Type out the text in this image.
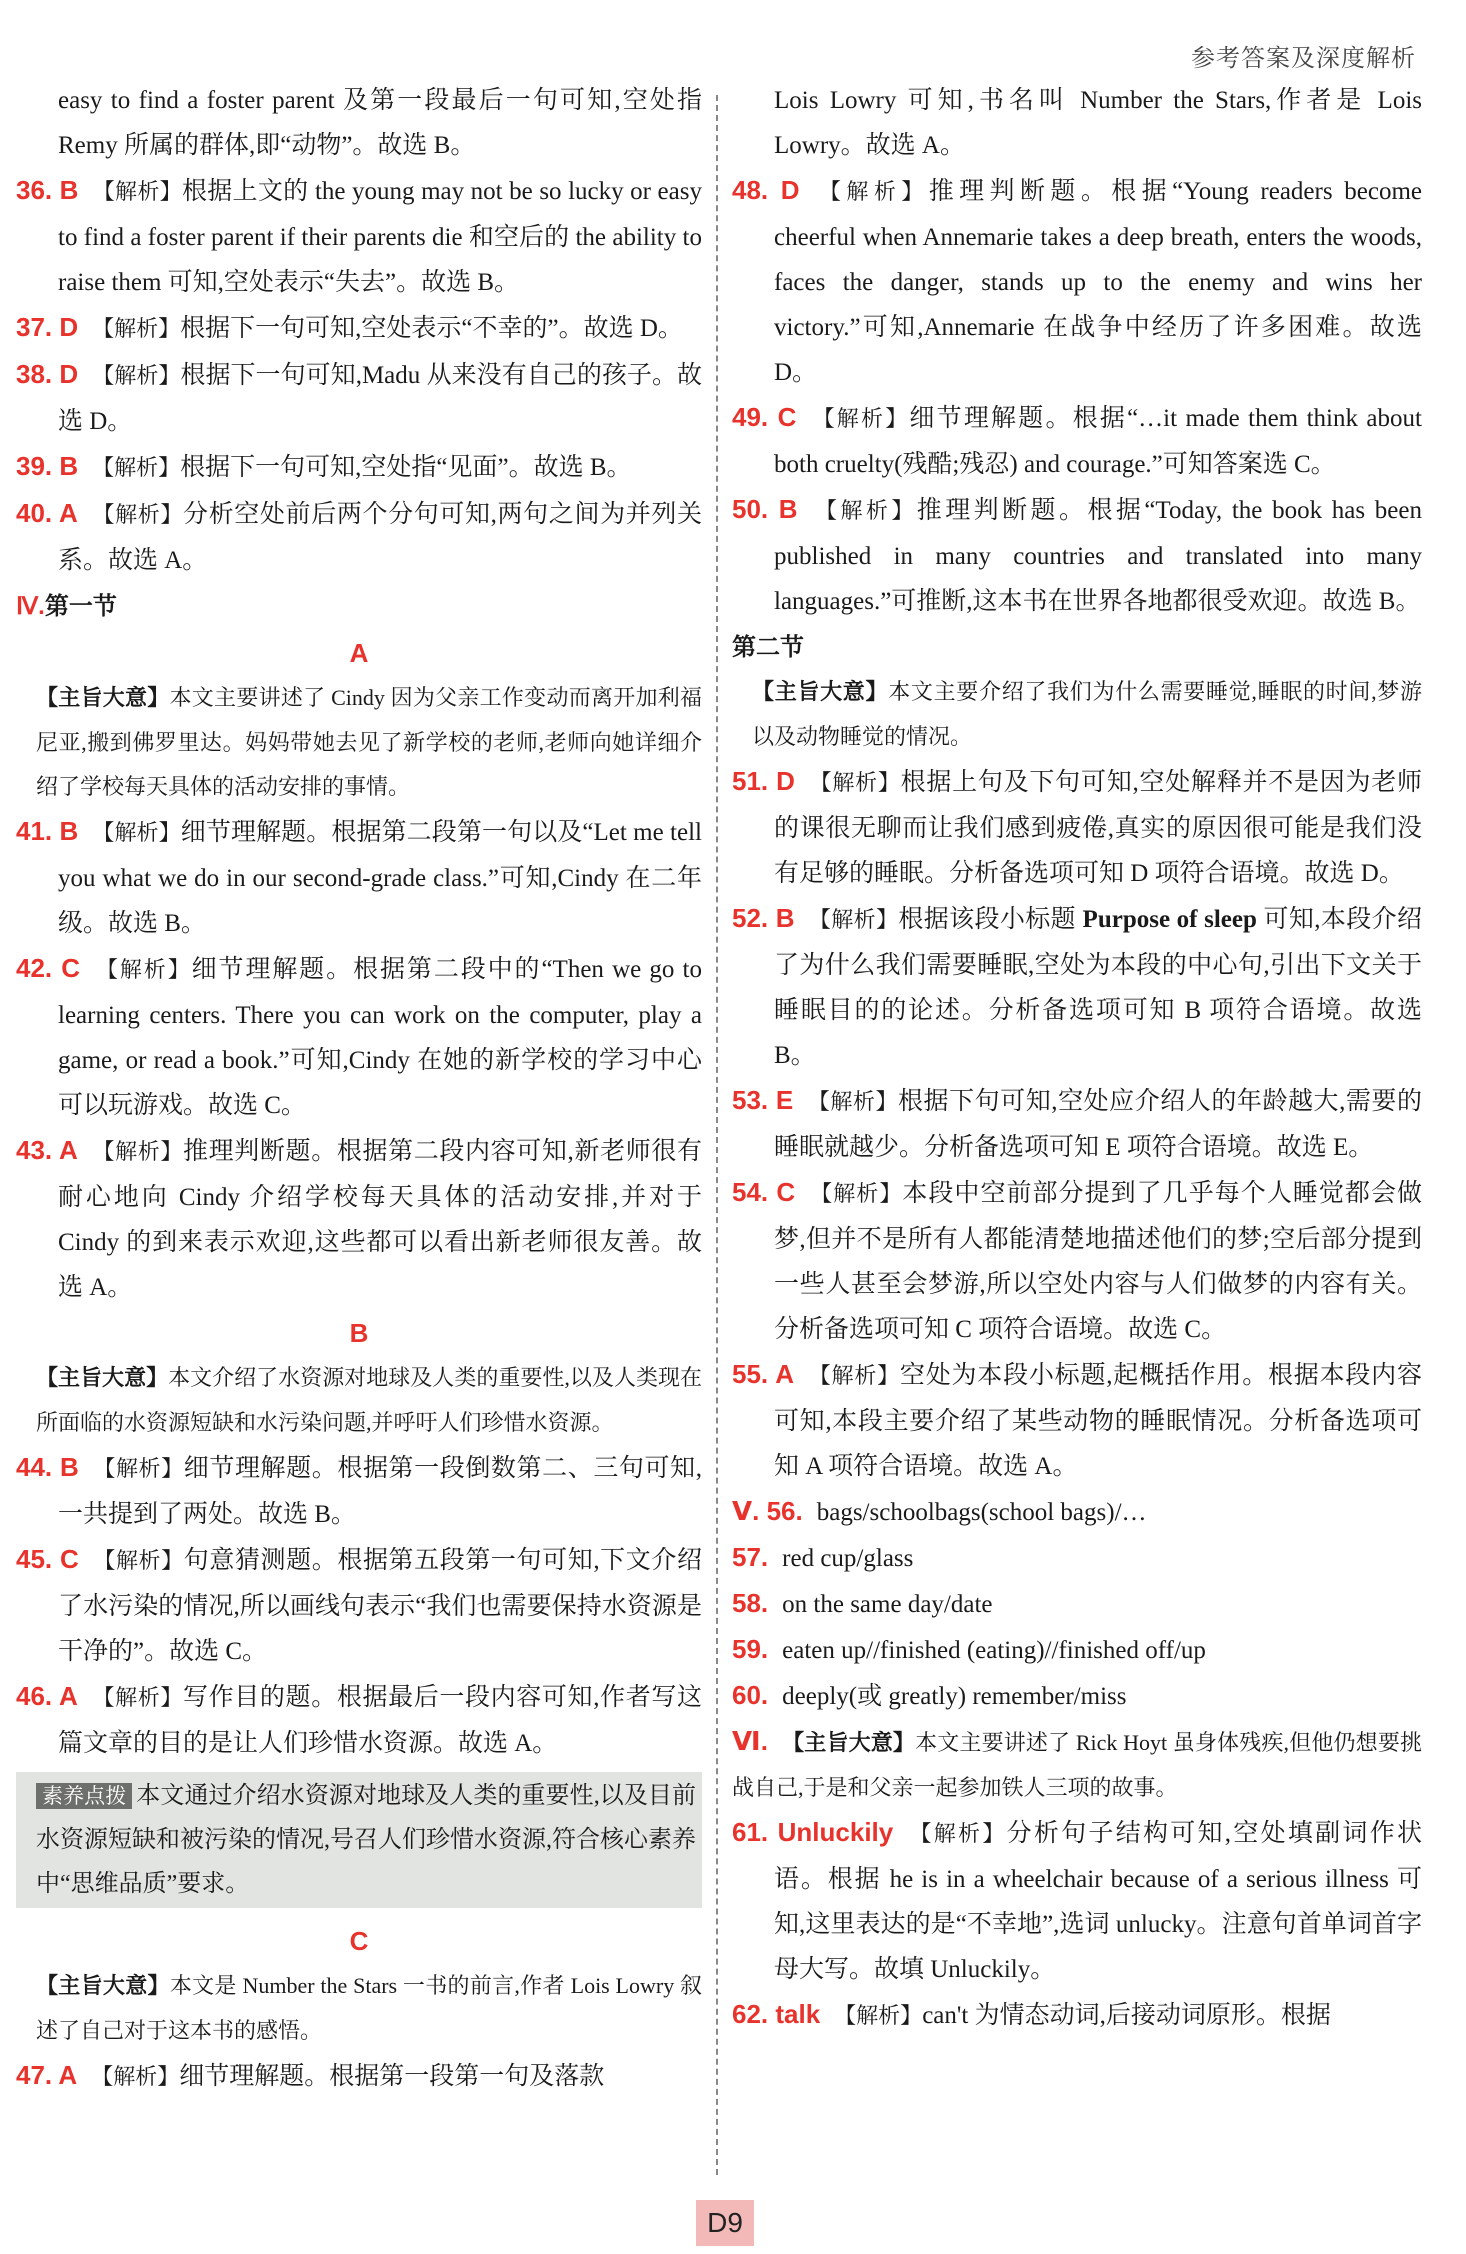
参考答案及深度解析
easy to find a foster parent 及第一段最后一句可知,空处指 Remy 所属的群体,即“动物”。故选 B。
36. B 【解析】根据上文的 the young may not be so lucky or easy to find a foster parent if their parents die 和空后的 the ability to raise them 可知,空处表示“失去”。故选 B。
37. D 【解析】根据下一句可知,空处表示“不幸的”。故选 D。
38. D 【解析】根据下一句可知,Madu 从来没有自己的孩子。故选 D。
39. B 【解析】根据下一句可知,空处指“见面”。故选 B。
40. A 【解析】分析空处前后两个分句可知,两句之间为并列关系。故选 A。
Ⅳ.第一节
A
【主旨大意】本文主要讲述了 Cindy 因为父亲工作变动而离开加利福尼亚,搬到佛罗里达。妈妈带她去见了新学校的老师,老师向她详细介绍了学校每天具体的活动安排的事情。
41. B 【解析】细节理解题。根据第二段第一句以及“Let me tell you what we do in our second-grade class.”可知,Cindy 在二年级。故选 B。
42. C 【解析】细节理解题。根据第二段中的“Then we go to learning centers. There you can work on the computer, play a game, or read a book.”可知,Cindy 在她的新学校的学习中心可以玩游戏。故选 C。
43. A 【解析】推理判断题。根据第二段内容可知,新老师很有耐心地向 Cindy 介绍学校每天具体的活动安排,并对于 Cindy 的到来表示欢迎,这些都可以看出新老师很友善。故选 A。
B
【主旨大意】本文介绍了水资源对地球及人类的重要性,以及人类现在所面临的水资源短缺和水污染问题,并呼吁人们珍惜水资源。
44. B 【解析】细节理解题。根据第一段倒数第二、三句可知,一共提到了两处。故选 B。
45. C 【解析】句意猜测题。根据第五段第一句可知,下文介绍了水污染的情况,所以画线句表示“我们也需要保持水资源是干净的”。故选 C。
46. A 【解析】写作目的题。根据最后一段内容可知,作者写这篇文章的目的是让人们珍惜水资源。故选 A。
素养点拨 本文通过介绍水资源对地球及人类的重要性,以及目前水资源短缺和被污染的情况,号召人们珍惜水资源,符合核心素养中“思维品质”要求。
C
【主旨大意】本文是 Number the Stars 一书的前言,作者 Lois Lowry 叙述了自己对于这本书的感悟。
47. A 【解析】细节理解题。根据第一段第一句及落款
Lois Lowry 可知,书名叫 Number the Stars,作者是 Lois Lowry。故选 A。
48. D 【解析】推理判断题。根据“Young readers become cheerful when Annemarie takes a deep breath, enters the woods, faces the danger, stands up to the enemy and wins her victory.”可知,Annemarie 在战争中经历了许多困难。故选 D。
49. C 【解析】细节理解题。根据“…it made them think about both cruelty(残酷;残忍) and courage.”可知答案选 C。
50. B 【解析】推理判断题。根据“Today, the book has been published in many countries and translated into many languages.”可推断,这本书在世界各地都很受欢迎。故选 B。
第二节
【主旨大意】本文主要介绍了我们为什么需要睡觉,睡眠的时间,梦游以及动物睡觉的情况。
51. D 【解析】根据上句及下句可知,空处解释并不是因为老师的课很无聊而让我们感到疲倦,真实的原因很可能是我们没有足够的睡眠。分析备选项可知 D 项符合语境。故选 D。
52. B 【解析】根据该段小标题 Purpose of sleep 可知,本段介绍了为什么我们需要睡眠,空处为本段的中心句,引出下文关于睡眠目的的论述。分析备选项可知 B 项符合语境。故选 B。
53. E 【解析】根据下句可知,空处应介绍人的年龄越大,需要的睡眠就越少。分析备选项可知 E 项符合语境。故选 E。
54. C 【解析】本段中空前部分提到了几乎每个人睡觉都会做梦,但并不是所有人都能清楚地描述他们的梦;空后部分提到一些人甚至会梦游,所以空处内容与人们做梦的内容有关。分析备选项可知 C 项符合语境。故选 C。
55. A 【解析】空处为本段小标题,起概括作用。根据本段内容可知,本段主要介绍了某些动物的睡眠情况。分析备选项可知 A 项符合语境。故选 A。
Ⅴ. 56. bags/schoolbags(school bags)/…
57. red cup/glass
58. on the same day/date
59. eaten up//finished (eating)//finished off/up
60. deeply(或 greatly) remember/miss
Ⅵ. 【主旨大意】本文主要讲述了 Rick Hoyt 虽身体残疾,但他仍想要挑战自己,于是和父亲一起参加铁人三项的故事。
61. Unluckily 【解析】分析句子结构可知,空处填副词作状语。根据 he is in a wheelchair because of a serious illness 可知,这里表达的是“不幸地”,选词 unlucky。注意句首单词首字母大写。故填 Unluckily。
62. talk 【解析】can't 为情态动词,后接动词原形。根据
D9
